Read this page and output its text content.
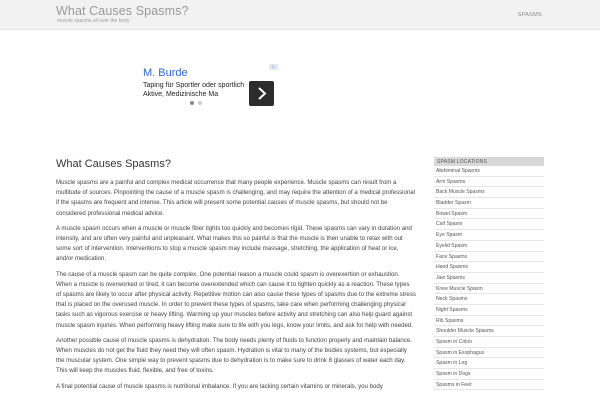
What Causes Spasms?
muscle spasms all over the body
SPASMS
▷
M. Burde
Taping für Sportler oder sportlich Aktive, Medizinische Ma
What Causes Spasms?

Muscle spasms are a painful and complex medical occurrence that many people experience. Muscle spasms can result from a multitude of sources. Pinpointing the cause of a muscle spasm is challenging, and may require the attention of a medical professional if the spasms are frequent and intense. This article will present some potential causes of muscle spasms, but should not be considered professional medical advice.

A muscle spasm occurs when a muscle or muscle fiber tights too quickly and becomes rigid. These spasms can vary in duration and intensity, and are often very painful and unpleasant. What makes this so painful is that the muscle is then unable to relax with out some sort of intervention. Interventions to stop a muscle spasm may include massage, stretching, the application of heat or ice, and/or medication.

The cause of a muscle spasm can be quite complex. One potential reason a muscle could spasm is overexertion or exhaustion. When a muscle is overworked or tired, it can become overextended which can cause it to tighten quickly as a reaction. These types of spasms are likely to occur after physical activity. Repetitive motion can also cause these types of spasms due to the extreme stress that is placed on the overused muscle. In order to prevent these types of spasms, take care when performing challenging physical tasks such as vigorous exercise or heavy lifting. Warming up your muscles before activity and stretching can also help guard against muscle spasm injuries. When performing heavy lifting make sure to life with you legs, know your limits, and ask for help with needed.

Another possible cause of muscle spasms is dehydration. The body needs plenty of fluids to function properly and maintain balance. When muscles do not get the fluid they need they will often spasm. Hydration is vital to many of the bodies systems, but especially the muscular system. One simple way to prevent spasms due to dehydration is to make sure to drink 8 glasses of water each day. This will keep the muscles fluid, flexible, and free of toxins.

A final potential cause of muscle spasms is nutritional imbalance. If you are lacking certain vitamins or minerals, you body

SPASM LOCATIONS
Abdominal Spasms
Arm Spasms
Back Muscle Spasms
Bladder Spasm
Bowel Spasm
Calf Spasm
Eye Spasm
Eyelid Spasm
Face Spasms
Hand Spasms
Jaw Spasms
Knee Muscle Spasm
Neck Spasms
Night Spasms
Rib Spasms
Shoulder Muscle Spasms
Spasm in Colon
Spasm in Esophagus
Spasm in Leg
Spasm in Dogs
Spasms in Feet
